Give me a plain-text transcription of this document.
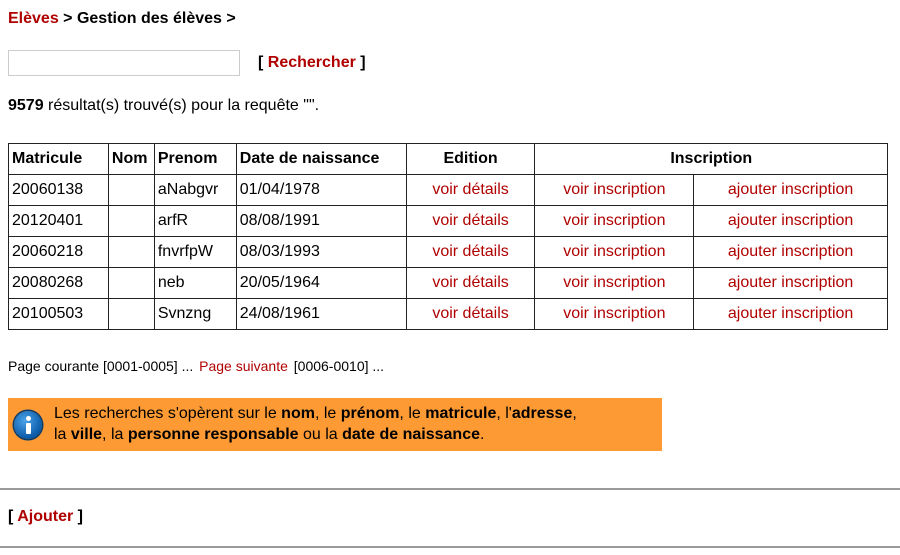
Elèves > Gestion des élèves >
[ Rechercher ]
9579 résultat(s) trouvé(s) pour la requête "".
Matricule	Nom	Prenom	Date de naissance	Edition	Inscription	
20060138		aNabgvr	01/04/1978	voir détails	voir inscription	ajouter inscription
20120401		arfR	08/08/1991	voir détails	voir inscription	ajouter inscription
20060218		fnvrfpW	08/03/1993	voir détails	voir inscription	ajouter inscription
20080268		neb	20/05/1964	voir détails	voir inscription	ajouter inscription
20100503		Svnzng	24/08/1961	voir détails	voir inscription	ajouter inscription
Page courante [0001-0005] ... Page suivante [0006-0010] ...
Les recherches s'opèrent sur le nom, le prénom, le matricule, l'adresse,
la ville, la personne responsable ou la date de naissance.
[ Ajouter ]
